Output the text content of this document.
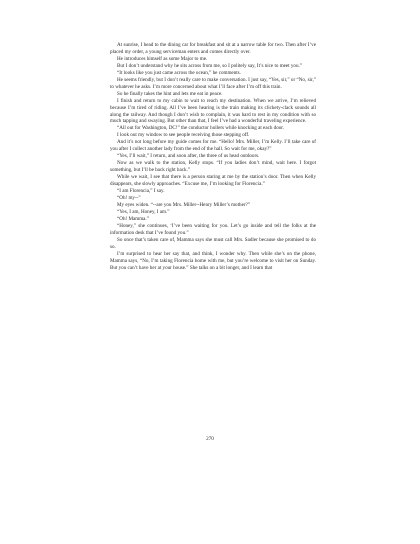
At sunrise, I head to the dining car for breakfast and sit at a narrow table for two. Then after I’ve placed my order, a young serviceman enters and comes directly over.

He introduces himself as some Major to me.

But I don’t understand why he sits across from me, so I politely say, It’s nice to meet you.”

“It looks like you just came across the ocean,” he comments.

He seems friendly, but I don’t really care to make conversation. I just say, “Yes, sir,” or “No, sir,” to whatever he asks. I’m more concerned about what I’ll face after I’m off this train.

So he finally takes the hint and lets me eat in peace.

I finish and return to my cabin to wait to reach my destination. When we arrive, I’m relieved because I’m tired of riding. All I’ve been hearing is the train making its clickety-clack sounds all along the railway. And though I don’t wish to complain, it was hard to rest in my condition with so much tapping and swaying. But other than that, I feel I’ve had a wonderful traveling experience.

“All out for Washington, DC!” the conductor hollers while knocking at each door.

I look out my window to see people receiving those stepping off.

And it’s not long before my guide comes for me. “Hello! Mrs. Miller, I’m Kelly. I’ll take care of you after I collect another lady from the end of the hall. So wait for me, okay?”

“Yes, I’ll wait,” I return, and soon after, the three of us head outdoors.

Now as we walk to the station, Kelly stops. “If you ladies don’t mind, wait here. I forgot something, but I’ll be back right back.”

While we wait, I see that there is a person staring at me by the station’s door. Then when Kelly disappears, she slowly approaches. “Excuse me, I’m looking for Florencia.”

“I am Florencia,” I say.

“Oh! my--”

My eyes widen. “--are you Mrs. Miller--Henry Miller’s mother?”

“Yes, I am, Honey, I am.”

“Oh! Mamma.”

“Honey,” she continues, ‘I’ve been waiting for you. Let’s go inside and tell the folks at the information desk that I’ve found you.”

So once that’s taken care of, Mamma says she must call Mrs. Sadler because she promised to do so.

I’m surprised to hear her say that, and think, I wonder why. Then while she’s on the phone, Mamma says, “No, I’m taking Florencia home with me, but you’re welcome to visit her on Sunday. But you can’t have her at your house.” She talks on a bit longer, and I learn that

270
